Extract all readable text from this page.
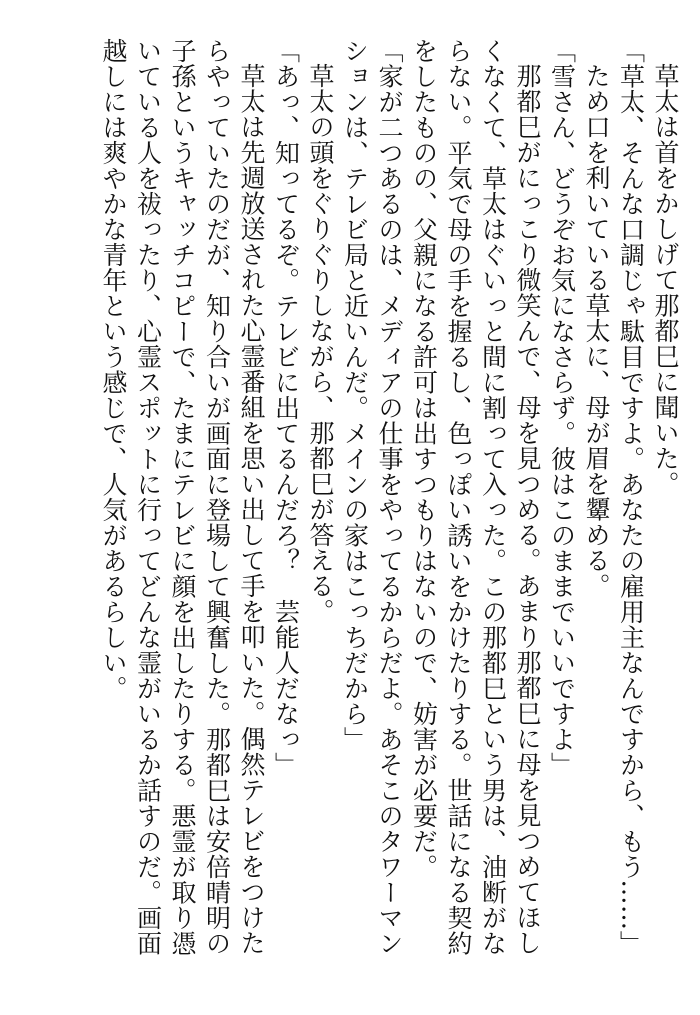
草太は首をかしげて那都巳に聞いた。

「草太、そんな口調じゃ駄目ですよ。あなたの雇用主なんですから、もう……」

ため口を利いている草太に、母が眉を顰める。

「雪さん、どうぞお気になさらず。彼はこのままでいいですよ」

那都巳がにっこり微笑んで、母を見つめる。あまり那都巳に母を見つめてほしくなくて、草太はぐいっと間に割って入った。この那都巳という男は、油断がならない。平気で母の手を握るし、色っぽい誘いをかけたりする。世話になる契約をしたものの、父親になる許可は出すつもりはないので、妨害が必要だ。

「家が二つあるのは、メディアの仕事をやってるからだよ。あそこのタワーマンションは、テレビ局と近いんだ。メインの家はこっちだから」

草太の頭をぐりぐりしながら、那都巳が答える。

「あっ、知ってるぞ。テレビに出てるんだろ？　芸能人だなっ」

草太は先週放送された心霊番組を思い出して手を叩いた。偶然テレビをつけたらやっていたのだが、知り合いが画面に登場して興奮した。那都巳は安倍晴明の子孫というキャッチコピーで、たまにテレビに顔を出したりする。悪霊が取り憑いている人を祓ったり、心霊スポットに行ってどんな霊がいるか話すのだ。画面越しには爽やかな青年という感じで、人気があるらしい。
